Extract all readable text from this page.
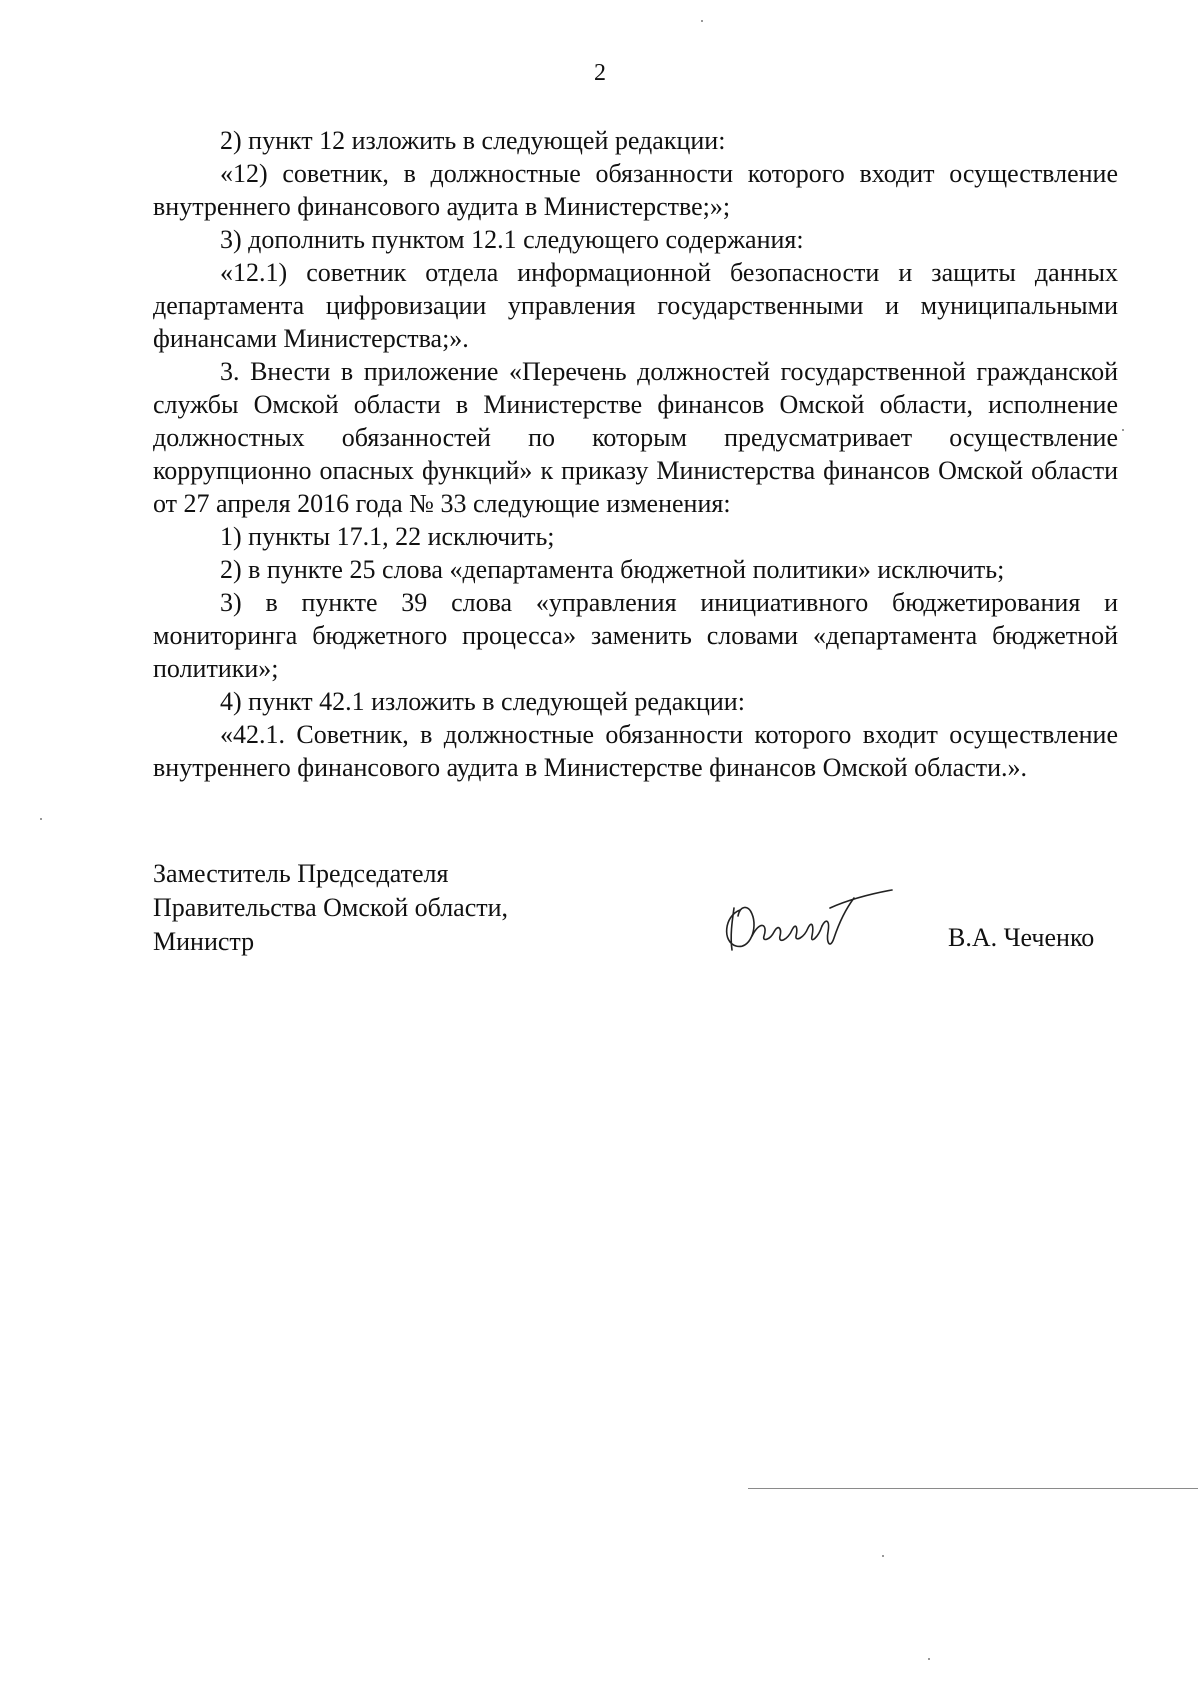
2

2) пункт 12 изложить в следующей редакции:

«12) советник, в должностные обязанности которого входит осуществление внутреннего финансового аудита в Министерстве;»;

3) дополнить пунктом 12.1 следующего содержания:

«12.1) советник отдела информационной безопасности и защиты данных департамента цифровизации управления государственными и муниципальными финансами Министерства;».

3. Внести в приложение «Перечень должностей государственной гражданской службы Омской области в Министерстве финансов Омской области, исполнение должностных обязанностей по которым предусматривает осуществление коррупционно опасных функций» к приказу Министерства финансов Омской области от 27 апреля 2016 года № 33 следующие изменения:

1) пункты 17.1, 22 исключить;

2) в пункте 25 слова «департамента бюджетной политики» исключить;

3) в пункте 39 слова «управления инициативного бюджетирования и мониторинга бюджетного процесса» заменить словами «департамента бюджетной политики»;

4) пункт 42.1 изложить в следующей редакции:

«42.1. Советник, в должностные обязанности которого входит осуществление внутреннего финансового аудита в Министерстве финансов Омской области.».

Заместитель Председателя
Правительства Омской области,
Министр	В.А. Чеченко
